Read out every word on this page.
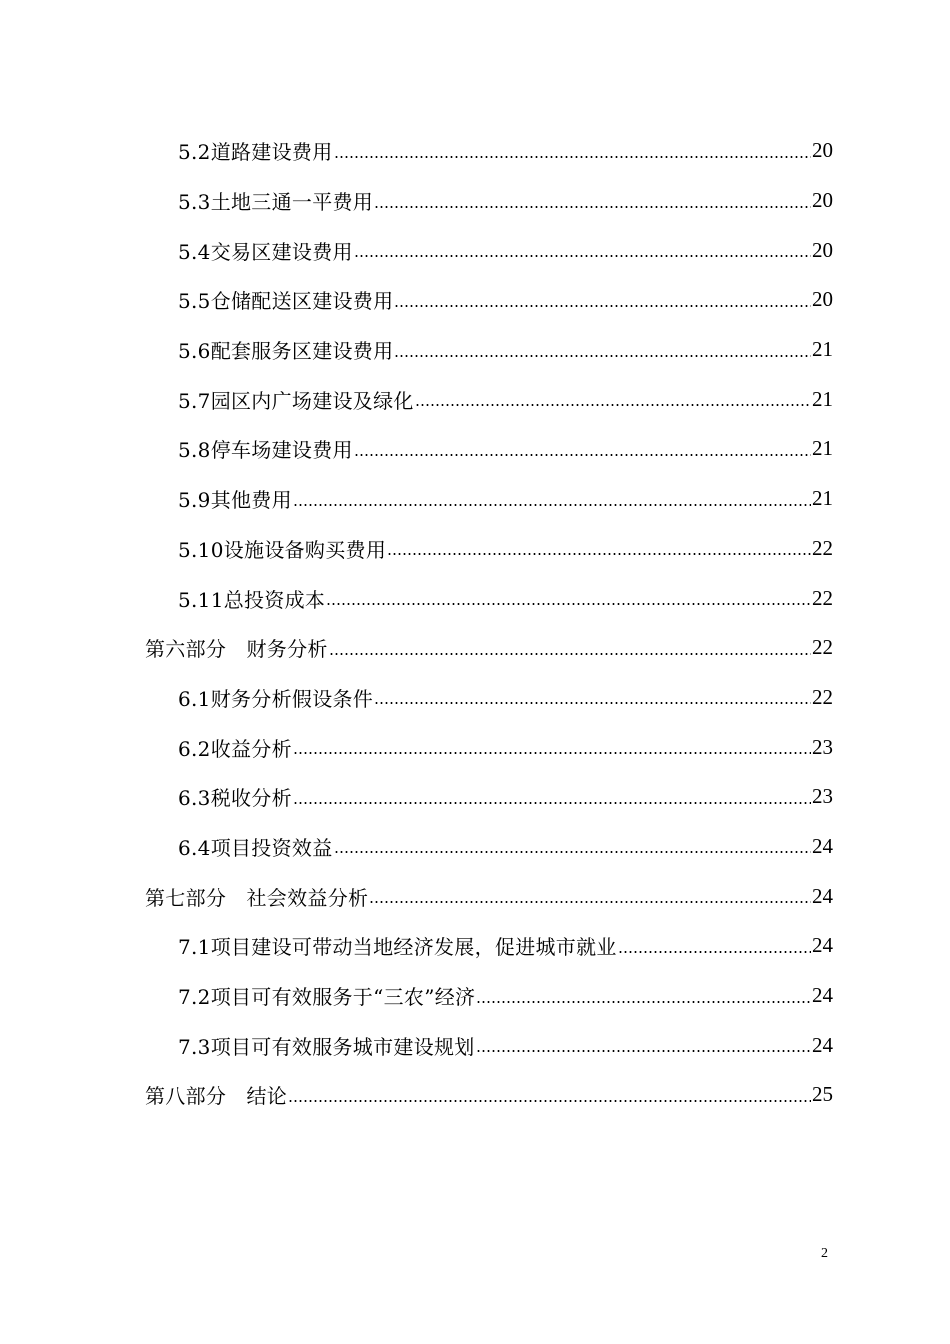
5.2道路建设费用	20
5.3土地三通一平费用	20
5.4交易区建设费用	20
5.5仓储配送区建设费用	20
5.6配套服务区建设费用	21
5.7园区内广场建设及绿化	21
5.8停车场建设费用	21
5.9其他费用	21
5.10设施设备购买费用	22
5.11总投资成本	22
第六部分　财务分析	22
6.1财务分析假设条件	22
6.2收益分析	23
6.3税收分析	23
6.4项目投资效益	24
第七部分　社会效益分析	24
7.1项目建设可带动当地经济发展，促进城市就业	24
7.2项目可有效服务于“三农”经济	24
7.3项目可有效服务城市建设规划	24
第八部分　结论	25
2
